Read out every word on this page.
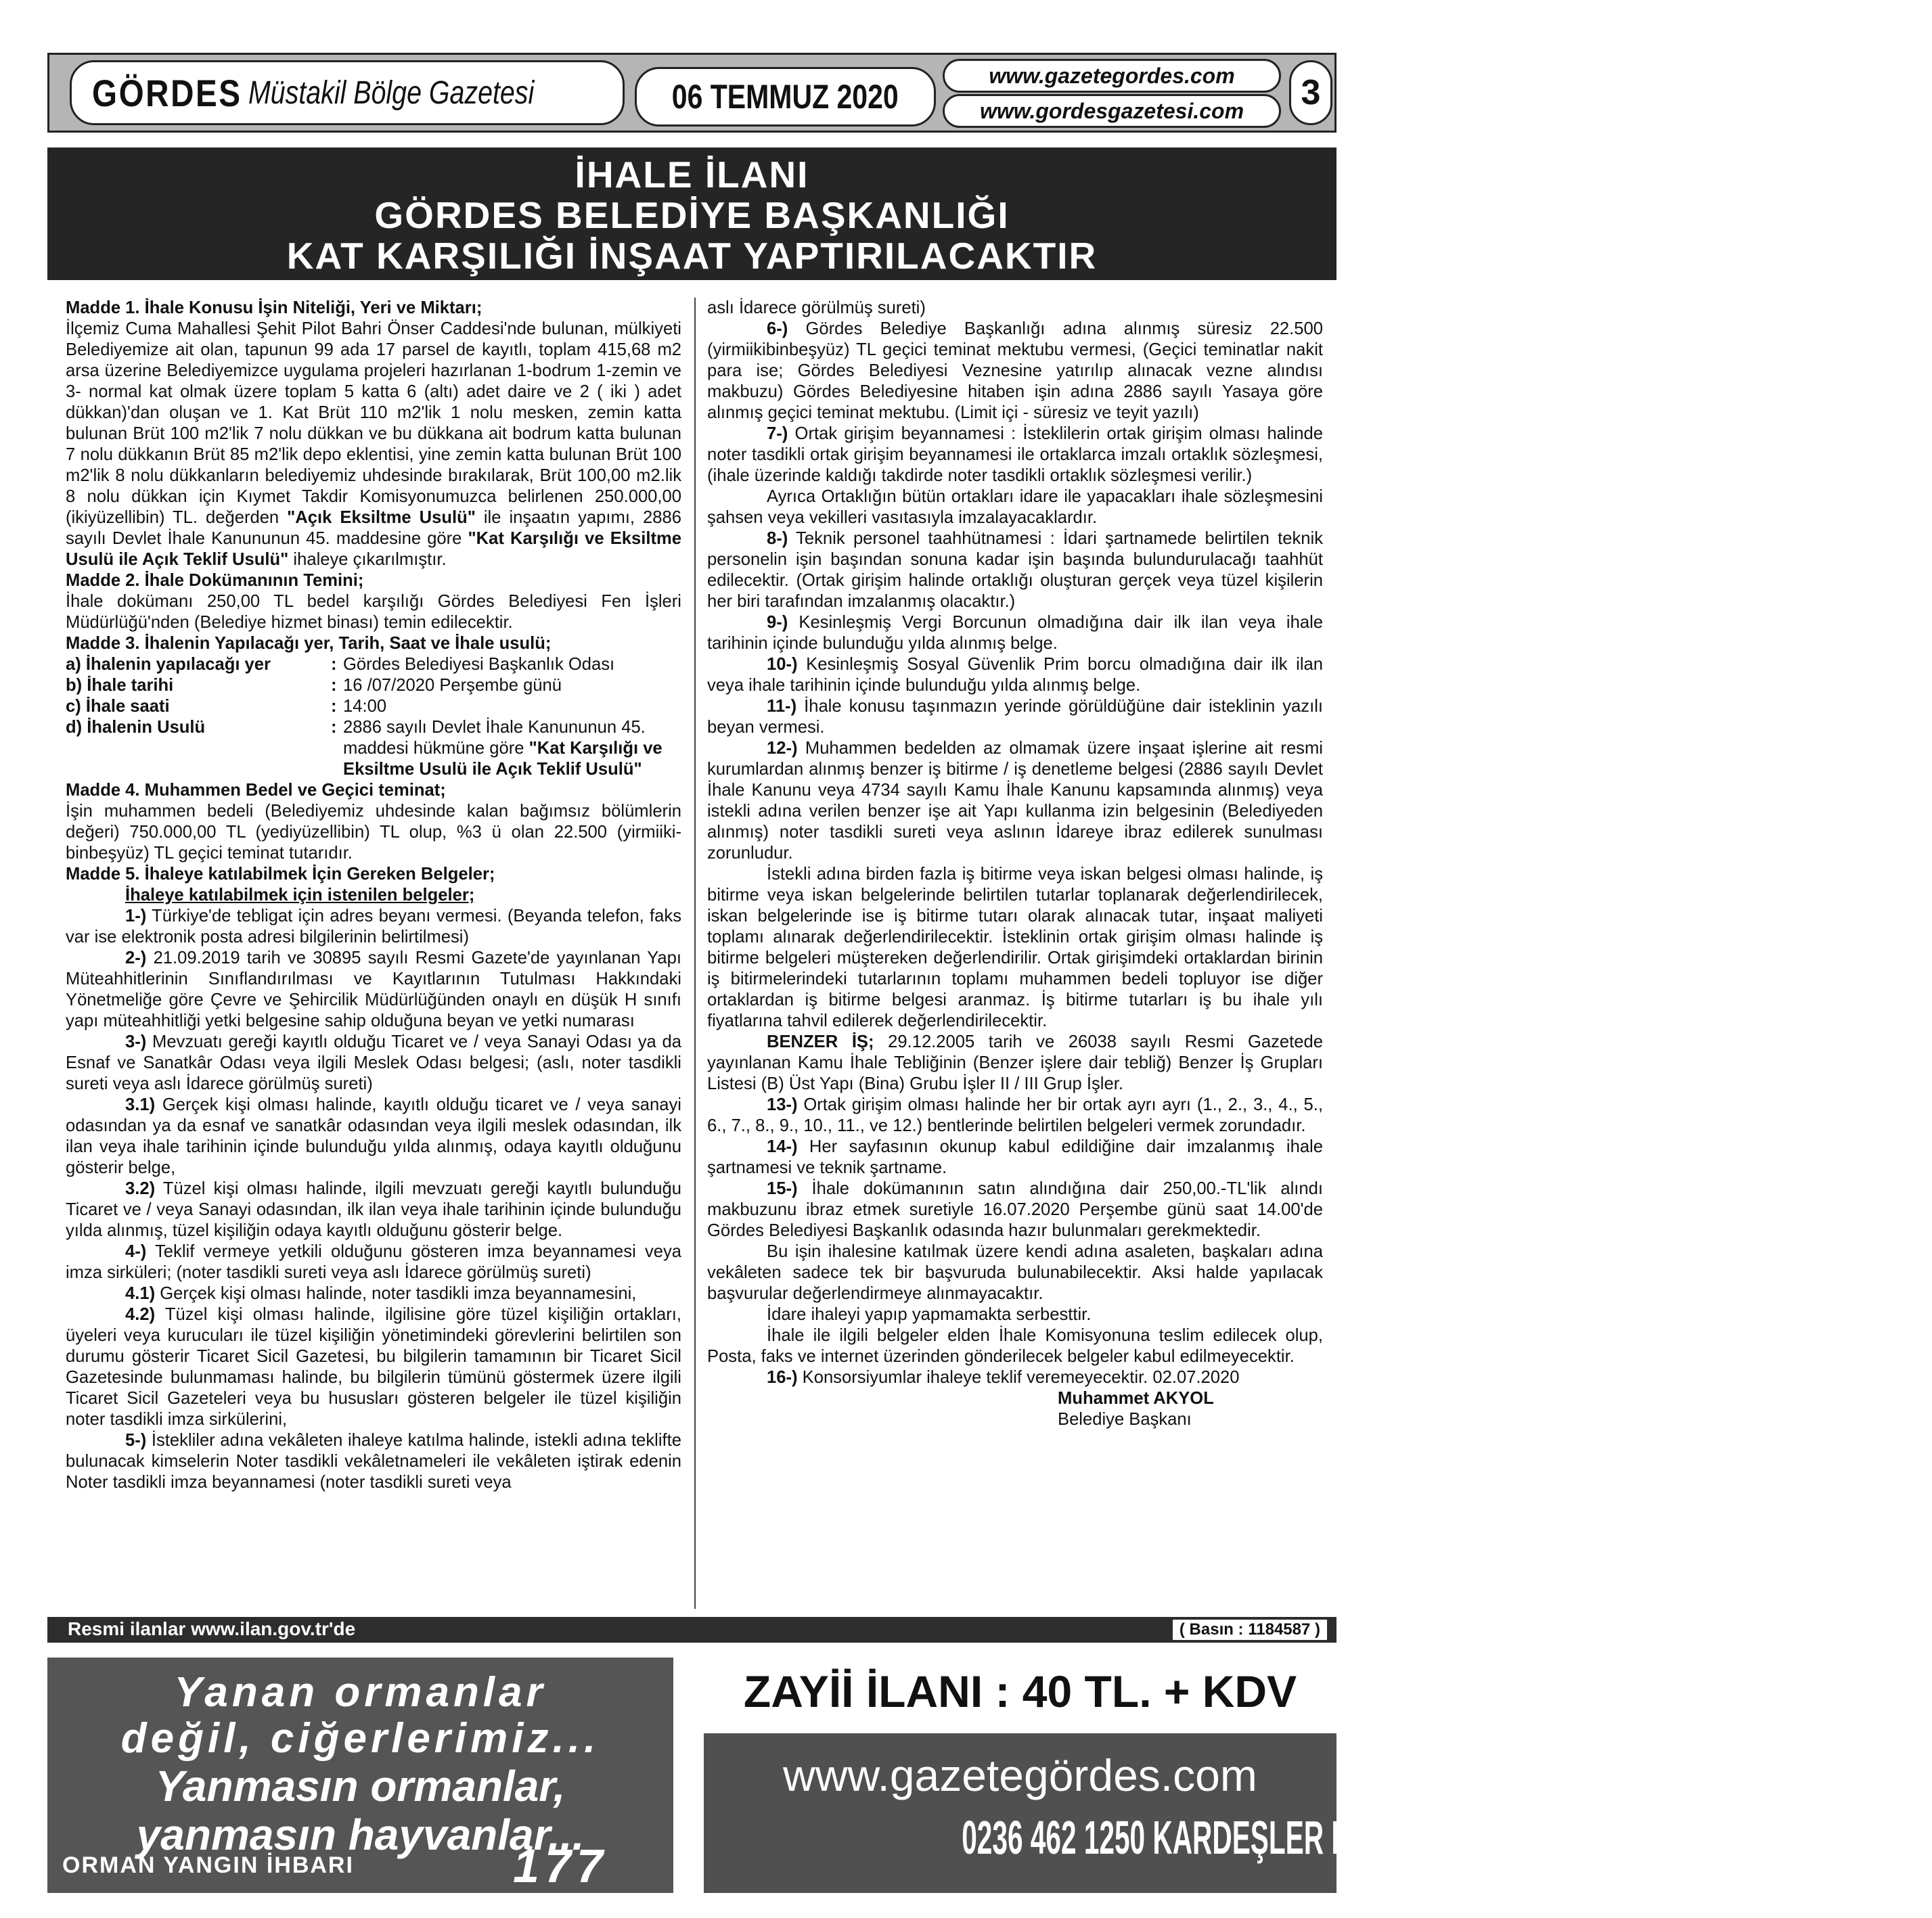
GÖRDES Müstakil Bölge Gazetesi	06 TEMMUZ 2020
www.gazetegordes.com
www.gordesgazetesi.com 3
İHALE İLANI
GÖRDES BELEDİYE BAŞKANLIĞI
KAT KARŞILIĞI İNŞAAT YAPTIRILACAKTIR

Madde 1. İhale Konusu İşin Niteliği, Yeri ve Miktarı;

İlçemiz Cuma Mahallesi Şehit Pilot Bahri Önser Caddesi'nde bulunan, mülkiyeti Belediyemize ait olan, tapunun 99 ada 17 parsel de kayıtlı, toplam 415,68 m2 arsa üzerine Belediyemizce uygulama projeleri hazırlanan 1-bodrum 1-zemin ve 3- normal kat olmak üzere toplam 5 katta 6 (altı) adet daire ve 2 ( iki ) adet dükkan)'dan oluşan ve 1. Kat Brüt 110 m2'lik 1 nolu mesken, zemin katta bulunan Brüt 100 m2'lik 7 nolu dükkan ve bu dükkana ait bodrum katta bulunan 7 nolu dükkanın Brüt 85 m2'lik depo eklentisi, yine zemin katta bulunan Brüt 100 m2'lik 8 nolu dükkanların belediyemiz uhdesinde bırakılarak, Brüt 100,00 m2.lik 8 nolu dükkan için Kıymet Takdir Komisyonumuzca belirlenen 250.000,00 (ikiyüzellibin) TL. değerden "Açık Eksiltme Usulü" ile inşaatın yapımı, 2886 sayılı Devlet İhale Kanununun 45. maddesine göre "Kat Karşılığı ve Eksiltme Usulü ile Açık Teklif Usulü" ihaleye çıkarılmıştır.

Madde 2. İhale Dokümanının Temini;

İhale dokümanı 250,00 TL bedel karşılığı Gördes Belediyesi Fen İşleri Müdürlüğü'nden (Belediye hizmet binası) temin edilecektir.

Madde 3. İhalenin Yapılacağı yer, Tarih, Saat ve İhale usulü;

a) İhalenin yapılacağı yer	: Gördes Belediyesi Başkanlık Odası
b) İhale tarihi	: 16 /07/2020 Perşembe günü
c) İhale saati	: 14:00
d) İhalenin Usulü	: 2886 sayılı Devlet İhale Kanununun 45. maddesi hükmüne göre "Kat Karşılığı ve Eksiltme Usulü ile Açık Teklif Usulü"

Madde 4. Muhammen Bedel ve Geçici teminat;

İşin muhammen bedeli (Belediyemiz uhdesinde kalan bağımsız bölümlerin değeri) 750.000,00 TL (yediyüzellibin) TL olup, %3 ü olan 22.500 (yirmiiki-binbeşyüz) TL geçici teminat tutarıdır.

Madde 5. İhaleye katılabilmek İçin Gereken Belgeler;

İhaleye katılabilmek için istenilen belgeler;

1-) Türkiye'de tebligat için adres beyanı vermesi. (Beyanda telefon, faks var ise elektronik posta adresi bilgilerinin belirtilmesi)

2-) 21.09.2019 tarih ve 30895 sayılı Resmi Gazete'de yayınlanan Yapı Müteahhitlerinin Sınıflandırılması ve Kayıtlarının Tutulması Hakkındaki Yönetmeliğe göre Çevre ve Şehircilik Müdürlüğünden onaylı en düşük H sınıfı yapı müteahhitliği yetki belgesine sahip olduğuna beyan ve yetki numarası

3-) Mevzuatı gereği kayıtlı olduğu Ticaret ve / veya Sanayi Odası ya da Esnaf ve Sanatkâr Odası veya ilgili Meslek Odası belgesi; (aslı, noter tasdikli sureti veya aslı İdarece görülmüş sureti)

3.1) Gerçek kişi olması halinde, kayıtlı olduğu ticaret ve / veya sanayi odasından ya da esnaf ve sanatkâr odasından veya ilgili meslek odasından, ilk ilan veya ihale tarihinin içinde bulunduğu yılda alınmış, odaya kayıtlı olduğunu gösterir belge,

3.2) Tüzel kişi olması halinde, ilgili mevzuatı gereği kayıtlı bulunduğu Ticaret ve / veya Sanayi odasından, ilk ilan veya ihale tarihinin içinde bulunduğu yılda alınmış, tüzel kişiliğin odaya kayıtlı olduğunu gösterir belge.

4-) Teklif vermeye yetkili olduğunu gösteren imza beyannamesi veya imza sirküleri; (noter tasdikli sureti veya aslı İdarece görülmüş sureti)

4.1) Gerçek kişi olması halinde, noter tasdikli imza beyannamesini,

4.2) Tüzel kişi olması halinde, ilgilisine göre tüzel kişiliğin ortakları, üyeleri veya kurucuları ile tüzel kişiliğin yönetimindeki görevlerini belirtilen son durumu gösterir Ticaret Sicil Gazetesi, bu bilgilerin tamamının bir Ticaret Sicil Gazetesinde bulunmaması halinde, bu bilgilerin tümünü göstermek üzere ilgili Ticaret Sicil Gazeteleri veya bu hususları gösteren belgeler ile tüzel kişiliğin noter tasdikli imza sirkülerini,

5-) İstekliler adına vekâleten ihaleye katılma halinde, istekli adına teklifte bulunacak kimselerin Noter tasdikli vekâletnameleri ile vekâleten iştirak edenin Noter tasdikli imza beyannamesi (noter tasdikli sureti veya

aslı İdarece görülmüş sureti)

6-) Gördes Belediye Başkanlığı adına alınmış süresiz 22.500 (yirmiikibinbeşyüz) TL geçici teminat mektubu vermesi, (Geçici teminatlar nakit para ise; Gördes Belediyesi Veznesine yatırılıp alınacak vezne alındısı makbuzu) Gördes Belediyesine hitaben işin adına 2886 sayılı Yasaya göre alınmış geçici teminat mektubu. (Limit içi - süresiz ve teyit yazılı)

7-) Ortak girişim beyannamesi : İsteklilerin ortak girişim olması halinde noter tasdikli ortak girişim beyannamesi ile ortaklarca imzalı ortaklık sözleşmesi, (ihale üzerinde kaldığı takdirde noter tasdikli ortaklık sözleşmesi verilir.)

Ayrıca Ortaklığın bütün ortakları idare ile yapacakları ihale sözleşmesini şahsen veya vekilleri vasıtasıyla imzalayacaklardır.

8-) Teknik personel taahhütnamesi : İdari şartnamede belirtilen teknik personelin işin başından sonuna kadar işin başında bulundurulacağı taahhüt edilecektir. (Ortak girişim halinde ortaklığı oluşturan gerçek veya tüzel kişilerin her biri tarafından imzalanmış olacaktır.)

9-) Kesinleşmiş Vergi Borcunun olmadığına dair ilk ilan veya ihale tarihinin içinde bulunduğu yılda alınmış belge.

10-) Kesinleşmiş Sosyal Güvenlik Prim borcu olmadığına dair ilk ilan veya ihale tarihinin içinde bulunduğu yılda alınmış belge.

11-) İhale konusu taşınmazın yerinde görüldüğüne dair isteklinin yazılı beyan vermesi.

12-) Muhammen bedelden az olmamak üzere inşaat işlerine ait resmi kurumlardan alınmış benzer iş bitirme / iş denetleme belgesi (2886 sayılı Devlet İhale Kanunu veya 4734 sayılı Kamu İhale Kanunu kapsamında alınmış) veya istekli adına verilen benzer işe ait Yapı kullanma izin belgesinin (Belediyeden alınmış) noter tasdikli sureti veya aslının İdareye ibraz edilerek sunulması zorunludur.

İstekli adına birden fazla iş bitirme veya iskan belgesi olması halinde, iş bitirme veya iskan belgelerinde belirtilen tutarlar toplanarak değerlendirilecek, iskan belgelerinde ise iş bitirme tutarı olarak alınacak tutar, inşaat maliyeti toplamı alınarak değerlendirilecektir. İsteklinin ortak girişim olması halinde iş bitirme belgeleri müştereken değerlendirilir. Ortak girişimdeki ortaklardan birinin iş bitirmelerindeki tutarlarının toplamı muhammen bedeli topluyor ise diğer ortaklardan iş bitirme belgesi aranmaz. İş bitirme tutarları iş bu ihale yılı fiyatlarına tahvil edilerek değerlendirilecektir.

BENZER İŞ; 29.12.2005 tarih ve 26038 sayılı Resmi Gazetede yayınlanan Kamu İhale Tebliğinin (Benzer işlere dair tebliğ) Benzer İş Grupları Listesi (B) Üst Yapı (Bina) Grubu İşler II / III Grup İşler.

13-) Ortak girişim olması halinde her bir ortak ayrı ayrı (1., 2., 3., 4., 5., 6., 7., 8., 9., 10., 11., ve 12.) bentlerinde belirtilen belgeleri vermek zorundadır.

14-) Her sayfasının okunup kabul edildiğine dair imzalanmış ihale şartnamesi ve teknik şartname.

15-) İhale dokümanının satın alındığına dair 250,00.-TL'lik alındı makbuzunu ibraz etmek suretiyle 16.07.2020 Perşembe günü saat 14.00'de Gördes Belediyesi Başkanlık odasında hazır bulunmaları gerekmektedir.

Bu işin ihalesine katılmak üzere kendi adına asaleten, başkaları adına vekâleten sadece tek bir başvuruda bulunabilecektir. Aksi halde yapılacak başvurular değerlendirmeye alınmayacaktır.

İdare ihaleyi yapıp yapmamakta serbesttir.

İhale ile ilgili belgeler elden İhale Komisyonuna teslim edilecek olup, Posta, faks ve internet üzerinden gönderilecek belgeler kabul edilmeyecektir.

16-) Konsorsiyumlar ihaleye teklif veremeyecektir. 02.07.2020

Muhammet AKYOL

Belediye Başkanı

Resmi ilanlar www.ilan.gov.tr'de	( Basın : 1184587 )
Yanan ormanlar
değil, ciğerlerimiz...
Yanmasın ormanlar,
yanmasın hayvanlar...
ORMAN YANGIN İHBARI	177
ZAYİİ İLANI : 40 TL. + KDV
www.gazetegördes.com
0236 462 1250 KARDEŞLER MATBAASI- GAZETECİLİK
